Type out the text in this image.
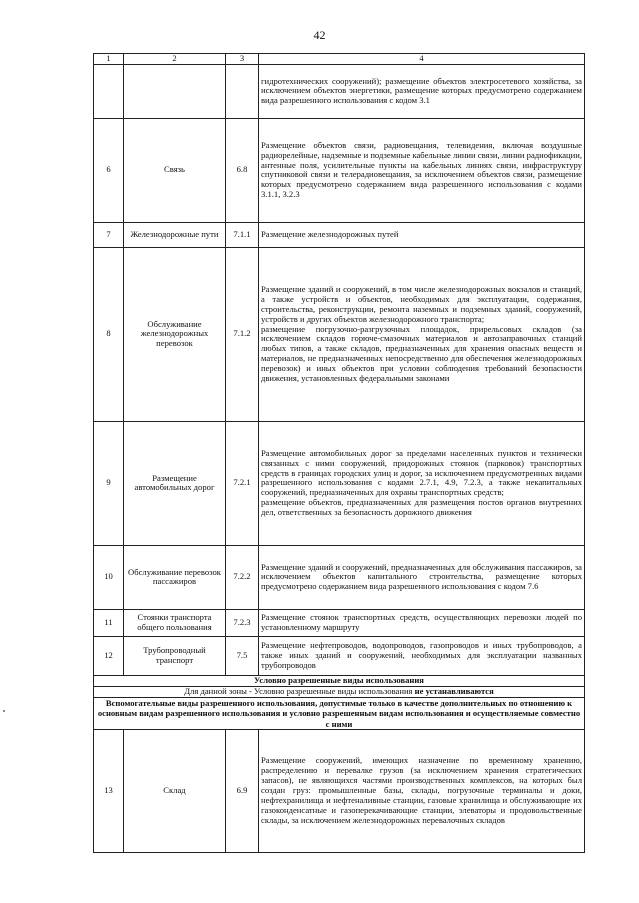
42
1	2	3	4

			гидротехнических сооружений); размещение объектов электросетевого хозяйства, за исключением объектов энергетики, размещение которых предусмотрено содержанием вида разрешенного использования с кодом 3.1

6	Связь	6.8	Размещение объектов связи, радиовещания, телевидения, включая воздушные радиорелейные, надземные и подземные кабельные линии связи, линии радиофикации, антенные поля, усилительные пункты на кабельных линиях связи, инфраструктуру спутниковой связи и телерадиовещания, за исключением объектов связи, размещение которых предусмотрено содержанием вида разрешенного использования с кодами 3.1.1, 3.2.3

7	Железнодорожные пути	7.1.1	Размещение железнодорожных путей

8	Обслуживание железнодорожных перевозок	7.1.2	Размещение зданий и сооружений, в том числе железнодорожных вокзалов и станций, а также устройств и объектов, необходимых для эксплуатации, содержания, строительства, реконструкции, ремонта наземных и подземных зданий, сооружений, устройств и других объектов железнодорожного транспорта;
размещение погрузочно-разгрузочных площадок, прирельсовых складов (за исключением складов горюче-смазочных материалов и автозаправочных станций любых типов, а также складов, предназначенных для хранения опасных веществ и материалов, не предназначенных непосредственно для обеспечения железнодорожных перевозок) и иных объектов при условии соблюдения требований безопасности движения, установленных федеральными законами

9	Размещение автомобильных дорог	7.2.1	Размещение автомобильных дорог за пределами населенных пунктов и технически связанных с ними сооружений, придорожных стоянок (парковок) транспортных средств в границах городских улиц и дорог, за исключением предусмотренных видами разрешенного использования с кодами 2.7.1, 4.9, 7.2.3, а также некапитальных сооружений, предназначенных для охраны транспортных средств;
размещение объектов, предназначенных для размещения постов органов внутренних дел, ответственных за безопасность дорожного движения

10	Обслуживание перевозок пассажиров	7.2.2	Размещение зданий и сооружений, предназначенных для обслуживания пассажиров, за исключением объектов капитального строительства, размещение которых предусмотрено содержанием вида разрешенного использования с кодом 7.6

11	Стоянки транспорта общего пользования	7.2.3	Размещение стоянок транспортных средств, осуществляющих перевозки людей по установленному маршруту

12	Трубопроводный транспорт	7.5	Размещение нефтепроводов, водопроводов, газопроводов и иных трубопроводов, а также иных зданий и сооружений, необходимых для эксплуатации названных трубопроводов

Условно разрешенные виды использования			
Для данной зоны - Условно разрешенные виды использования не устанавливаются			
Вспомогательные виды разрешенного использования, допустимые только в качестве дополнительных по отношению к основным видам разрешенного использования и условно разрешенным видам использования и осуществляемые совместно с ними			
13	Склад	6.9	Размещение сооружений, имеющих назначение по временному хранению, распределению и перевалке грузов (за исключением хранения стратегических запасов), не являющихся частями производственных комплексов, на которых был создан груз: промышленные базы, склады, погрузочные терминалы и доки, нефтехранилища и нефтеналивные станции, газовые хранилища и обслуживающие их газоконденсатные и газоперекачивающие станции, элеваторы и продовольственные склады, за исключением железнодорожных перевалочных складов
